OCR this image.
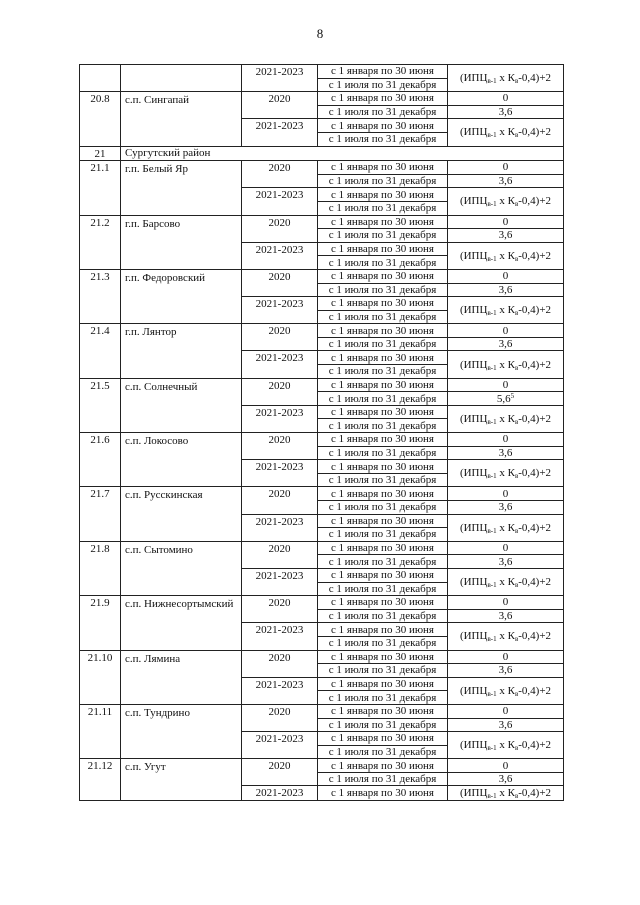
8
		2021-2023	с 1 января по 30 июня	($ИПЦ_{в-1}$ х $К_в-0,4)+2$
			с 1 июля по 31 декабря	
20.8	с.п. Сингапай	2020	с 1 января по 30 июня	0
			с 1 июля по 31 декабря	3,6
		2021-2023	с 1 января по 30 июня	($ИПЦ_{в-1}$ х $К_в-0,4)+2$
			с 1 июля по 31 декабря	
21	Сургутский район			
21.1	г.п. Белый Яр	2020	с 1 января по 30 июня	0
			с 1 июля по 31 декабря	3,6
		2021-2023	с 1 января по 30 июня	($ИПЦ_{в-1}$ х $К_в-0,4)+2$
			с 1 июля по 31 декабря	
21.2	г.п. Барсово	2020	с 1 января по 30 июня	0
			с 1 июля по 31 декабря	3,6
		2021-2023	с 1 января по 30 июня	($ИПЦ_{в-1}$ х $К_в-0,4)+2$
			с 1 июля по 31 декабря	
21.3	г.п. Федоровский	2020	с 1 января по 30 июня	0
			с 1 июля по 31 декабря	3,6
		2021-2023	с 1 января по 30 июня	($ИПЦ_{в-1}$ х $К_в-0,4)+2$
			с 1 июля по 31 декабря	
21.4	г.п. Лянтор	2020	с 1 января по 30 июня	0
			с 1 июля по 31 декабря	3,6
		2021-2023	с 1 января по 30 июня	($ИПЦ_{в-1}$ х $К_в-0,4)+2$
			с 1 июля по 31 декабря	
21.5	с.п. Солнечный	2020	с 1 января по 30 июня	0
			с 1 июля по 31 декабря	$5,6^5$
		2021-2023	с 1 января по 30 июня	($ИПЦ_{в-1}$ х $К_в-0,4)+2$
			с 1 июля по 31 декабря	
21.6	с.п. Локосово	2020	с 1 января по 30 июня	0
			с 1 июля по 31 декабря	3,6
		2021-2023	с 1 января по 30 июня	($ИПЦ_{в-1}$ х $К_в-0,4)+2$
			с 1 июля по 31 декабря	
21.7	с.п. Русскинская	2020	с 1 января по 30 июня	0
			с 1 июля по 31 декабря	3,6
		2021-2023	с 1 января по 30 июня	($ИПЦ_{в-1}$ х $К_в-0,4)+2$
			с 1 июля по 31 декабря	
21.8	с.п. Сытомино	2020	с 1 января по 30 июня	0
			с 1 июля по 31 декабря	3,6
		2021-2023	с 1 января по 30 июня	($ИПЦ_{в-1}$ х $К_в-0,4)+2$
			с 1 июля по 31 декабря	
21.9	с.п. Нижнесортымский	2020	с 1 января по 30 июня	0
			с 1 июля по 31 декабря	3,6
		2021-2023	с 1 января по 30 июня	($ИПЦ_{в-1}$ х $К_в-0,4)+2$
			с 1 июля по 31 декабря	
21.10	с.п. Лямина	2020	с 1 января по 30 июня	0
			с 1 июля по 31 декабря	3,6
		2021-2023	с 1 января по 30 июня	($ИПЦ_{в-1}$ х $К_в-0,4)+2$
			с 1 июля по 31 декабря	
21.11	с.п. Тундрино	2020	с 1 января по 30 июня	0
			с 1 июля по 31 декабря	3,6
		2021-2023	с 1 января по 30 июня	($ИПЦ_{в-1}$ х $К_в-0,4)+2$
			с 1 июля по 31 декабря	
21.12	с.п. Угут	2020	с 1 января по 30 июня	0
			с 1 июля по 31 декабря	3,6
		2021-2023	с 1 января по 30 июня	($ИПЦ_{в-1}$ х $К_в-0,4)+2$
